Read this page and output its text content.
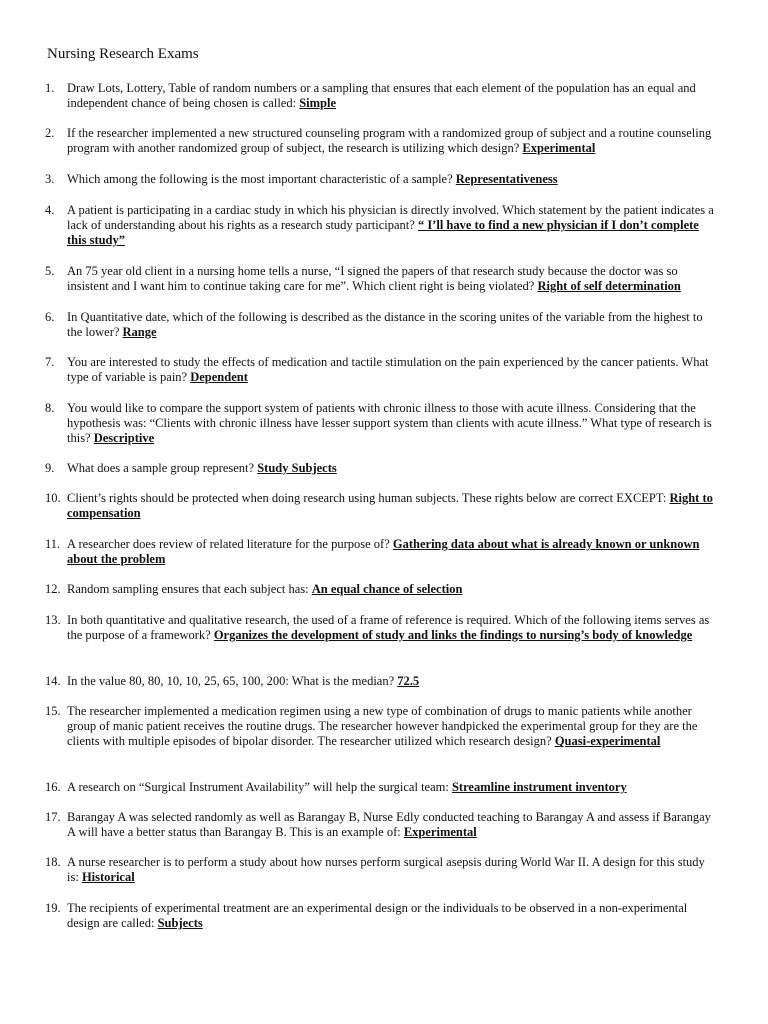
Nursing Research Exams
1.	Draw Lots, Lottery, Table of random numbers or a sampling that ensures that each element of the population has an equal and independent chance of being chosen is called: Simple
2.	If the researcher implemented a new structured counseling program with a randomized group of subject and a routine counseling program with another randomized group of subject, the research is utilizing which design? Experimental
3.	Which among the following is the most important characteristic of a sample? Representativeness
4.	A patient is participating in a cardiac study in which his physician is directly involved. Which statement by the patient indicates a lack of understanding about his rights as a research study participant? “ I’ll have to find a new physician if I don’t complete this study”
5.	An 75 year old client in a nursing home tells a nurse, “I signed the papers of that research study because the doctor was so insistent and I want him to continue taking care for me”. Which client right is being violated? Right of self determination
6.	In Quantitative date, which of the following is described as the distance in the scoring unites of the variable from the highest to the lower? Range
7.	You are interested to study the effects of medication and tactile stimulation on the pain experienced by the cancer patients. What type of variable is pain? Dependent
8.	You would like to compare the support system of patients with chronic illness to those with acute illness. Considering that the hypothesis was: “Clients with chronic illness have lesser support system than clients with acute illness.” What type of research is this? Descriptive
9.	What does a sample group represent? Study Subjects
10. Client’s rights should be protected when doing research using human subjects. These rights below are correct EXCEPT: Right to compensation
11. A researcher does review of related literature for the purpose of? Gathering data about what is already known or unknown about the problem
12. Random sampling ensures that each subject has: An equal chance of selection
13. In both quantitative and qualitative research, the used of a frame of reference is required. Which of the following items serves as the purpose of a framework? Organizes the development of study and links the findings to nursing’s body of knowledge
14. In the value 80, 80, 10, 10, 25, 65, 100, 200: What is the median? 72.5
15. The researcher implemented a medication regimen using a new type of combination of drugs to manic patients while another group of manic patient receives the routine drugs. The researcher however handpicked the experimental group for they are the clients with multiple episodes of bipolar disorder. The researcher utilized which research design? Quasi-experimental
16. A research on “Surgical Instrument Availability” will help the surgical team: Streamline instrument inventory
17. Barangay A was selected randomly as well as Barangay B, Nurse Edly conducted teaching to Barangay A and assess if Barangay A will have a better status than Barangay B. This is an example of: Experimental
18. A nurse researcher is to perform a study about how nurses perform surgical asepsis during World War II. A design for this study is: Historical
19. The recipients of experimental treatment are an experimental design or the individuals to be observed in a non-experimental design are called: Subjects
